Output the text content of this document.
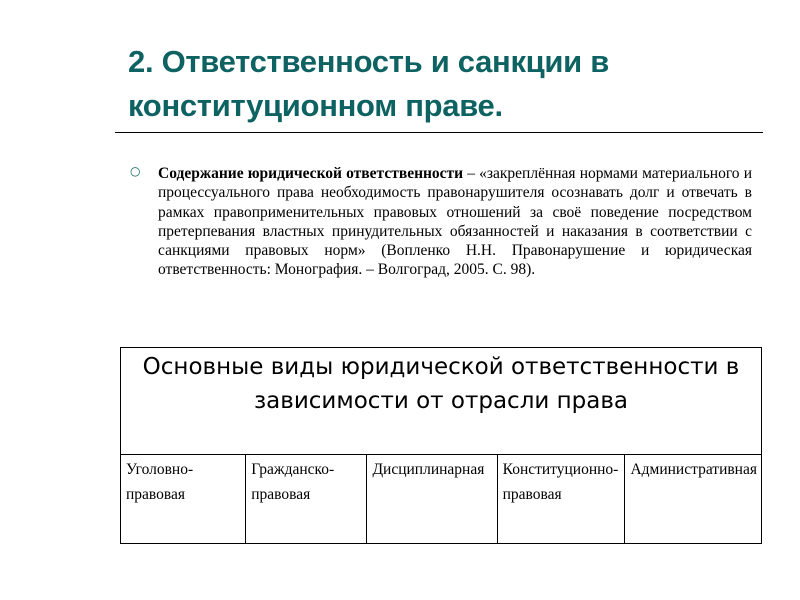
2. Ответственность и санкции в конституционном праве.
○ Содержание юридической ответственности – «закреплённая нормами материального и процессуального права необходимость правонарушителя осознавать долг и отвечать в рамках правоприменительных правовых отношений за своё поведение посредством претерпевания властных принудительных обязанностей и наказания в соответствии с санкциями правовых норм» (Вопленко Н.Н. Правонарушение и юридическая ответственность: Монография. – Волгоград, 2005. С. 98).
Основные виды юридической ответственности в зависимости от отрасли права
Уголовно-правовая	Гражданско-правовая	Дисциплинарная	Конституционно-правовая	Административная
